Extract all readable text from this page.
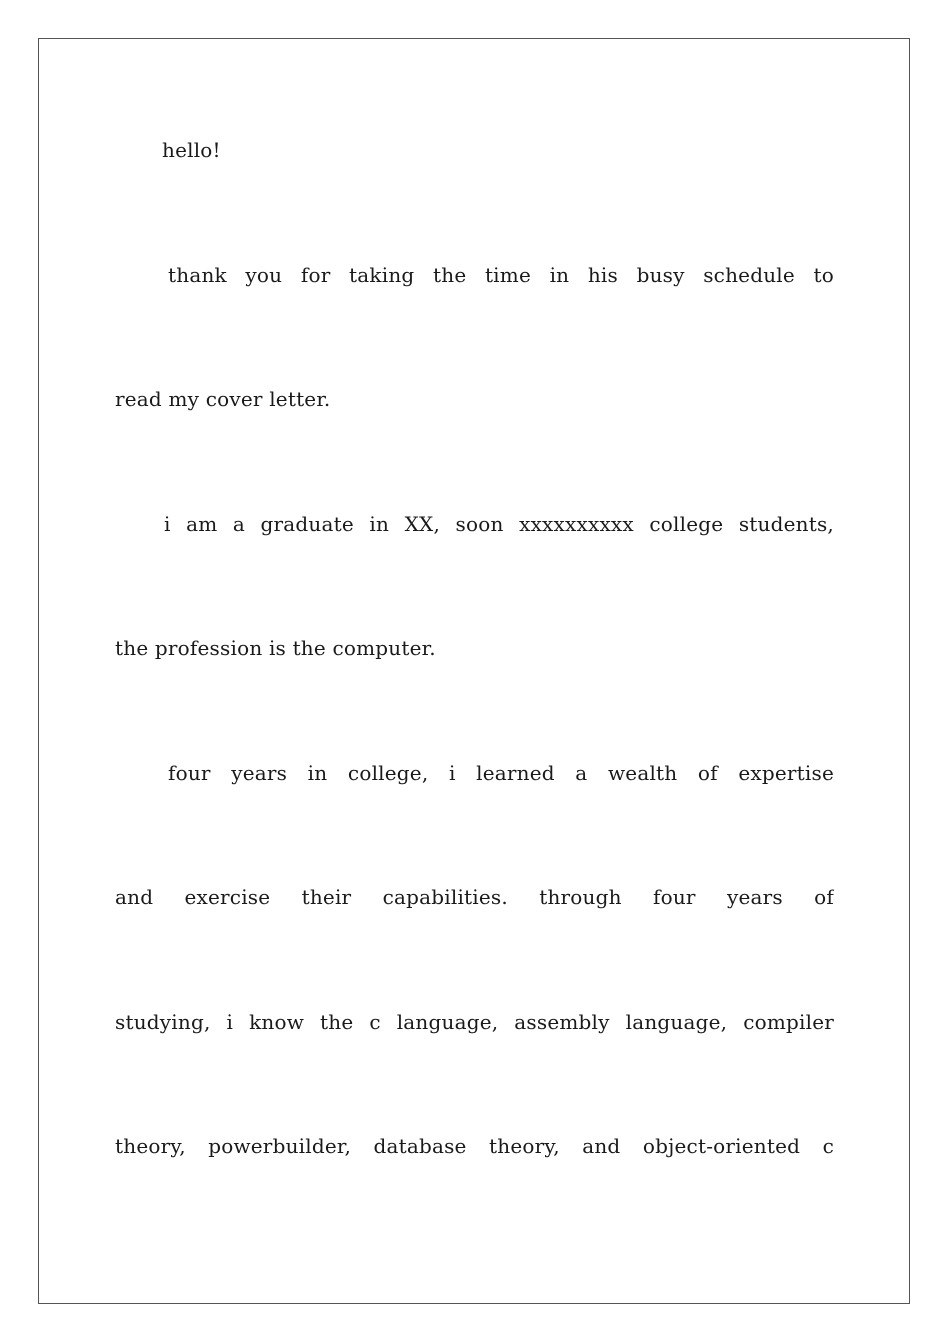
hello!
thank you for taking the time in his busy schedule to
read my cover letter.
i am a graduate in XX, soon xxxxxxxxxx college students,
the profession is the computer.
four years in college, i learned a wealth of expertise
and exercise their capabilities. through four years of
studying, i know the c language, assembly language, compiler
theory, powerbuilder, database theory, and object-oriented c
